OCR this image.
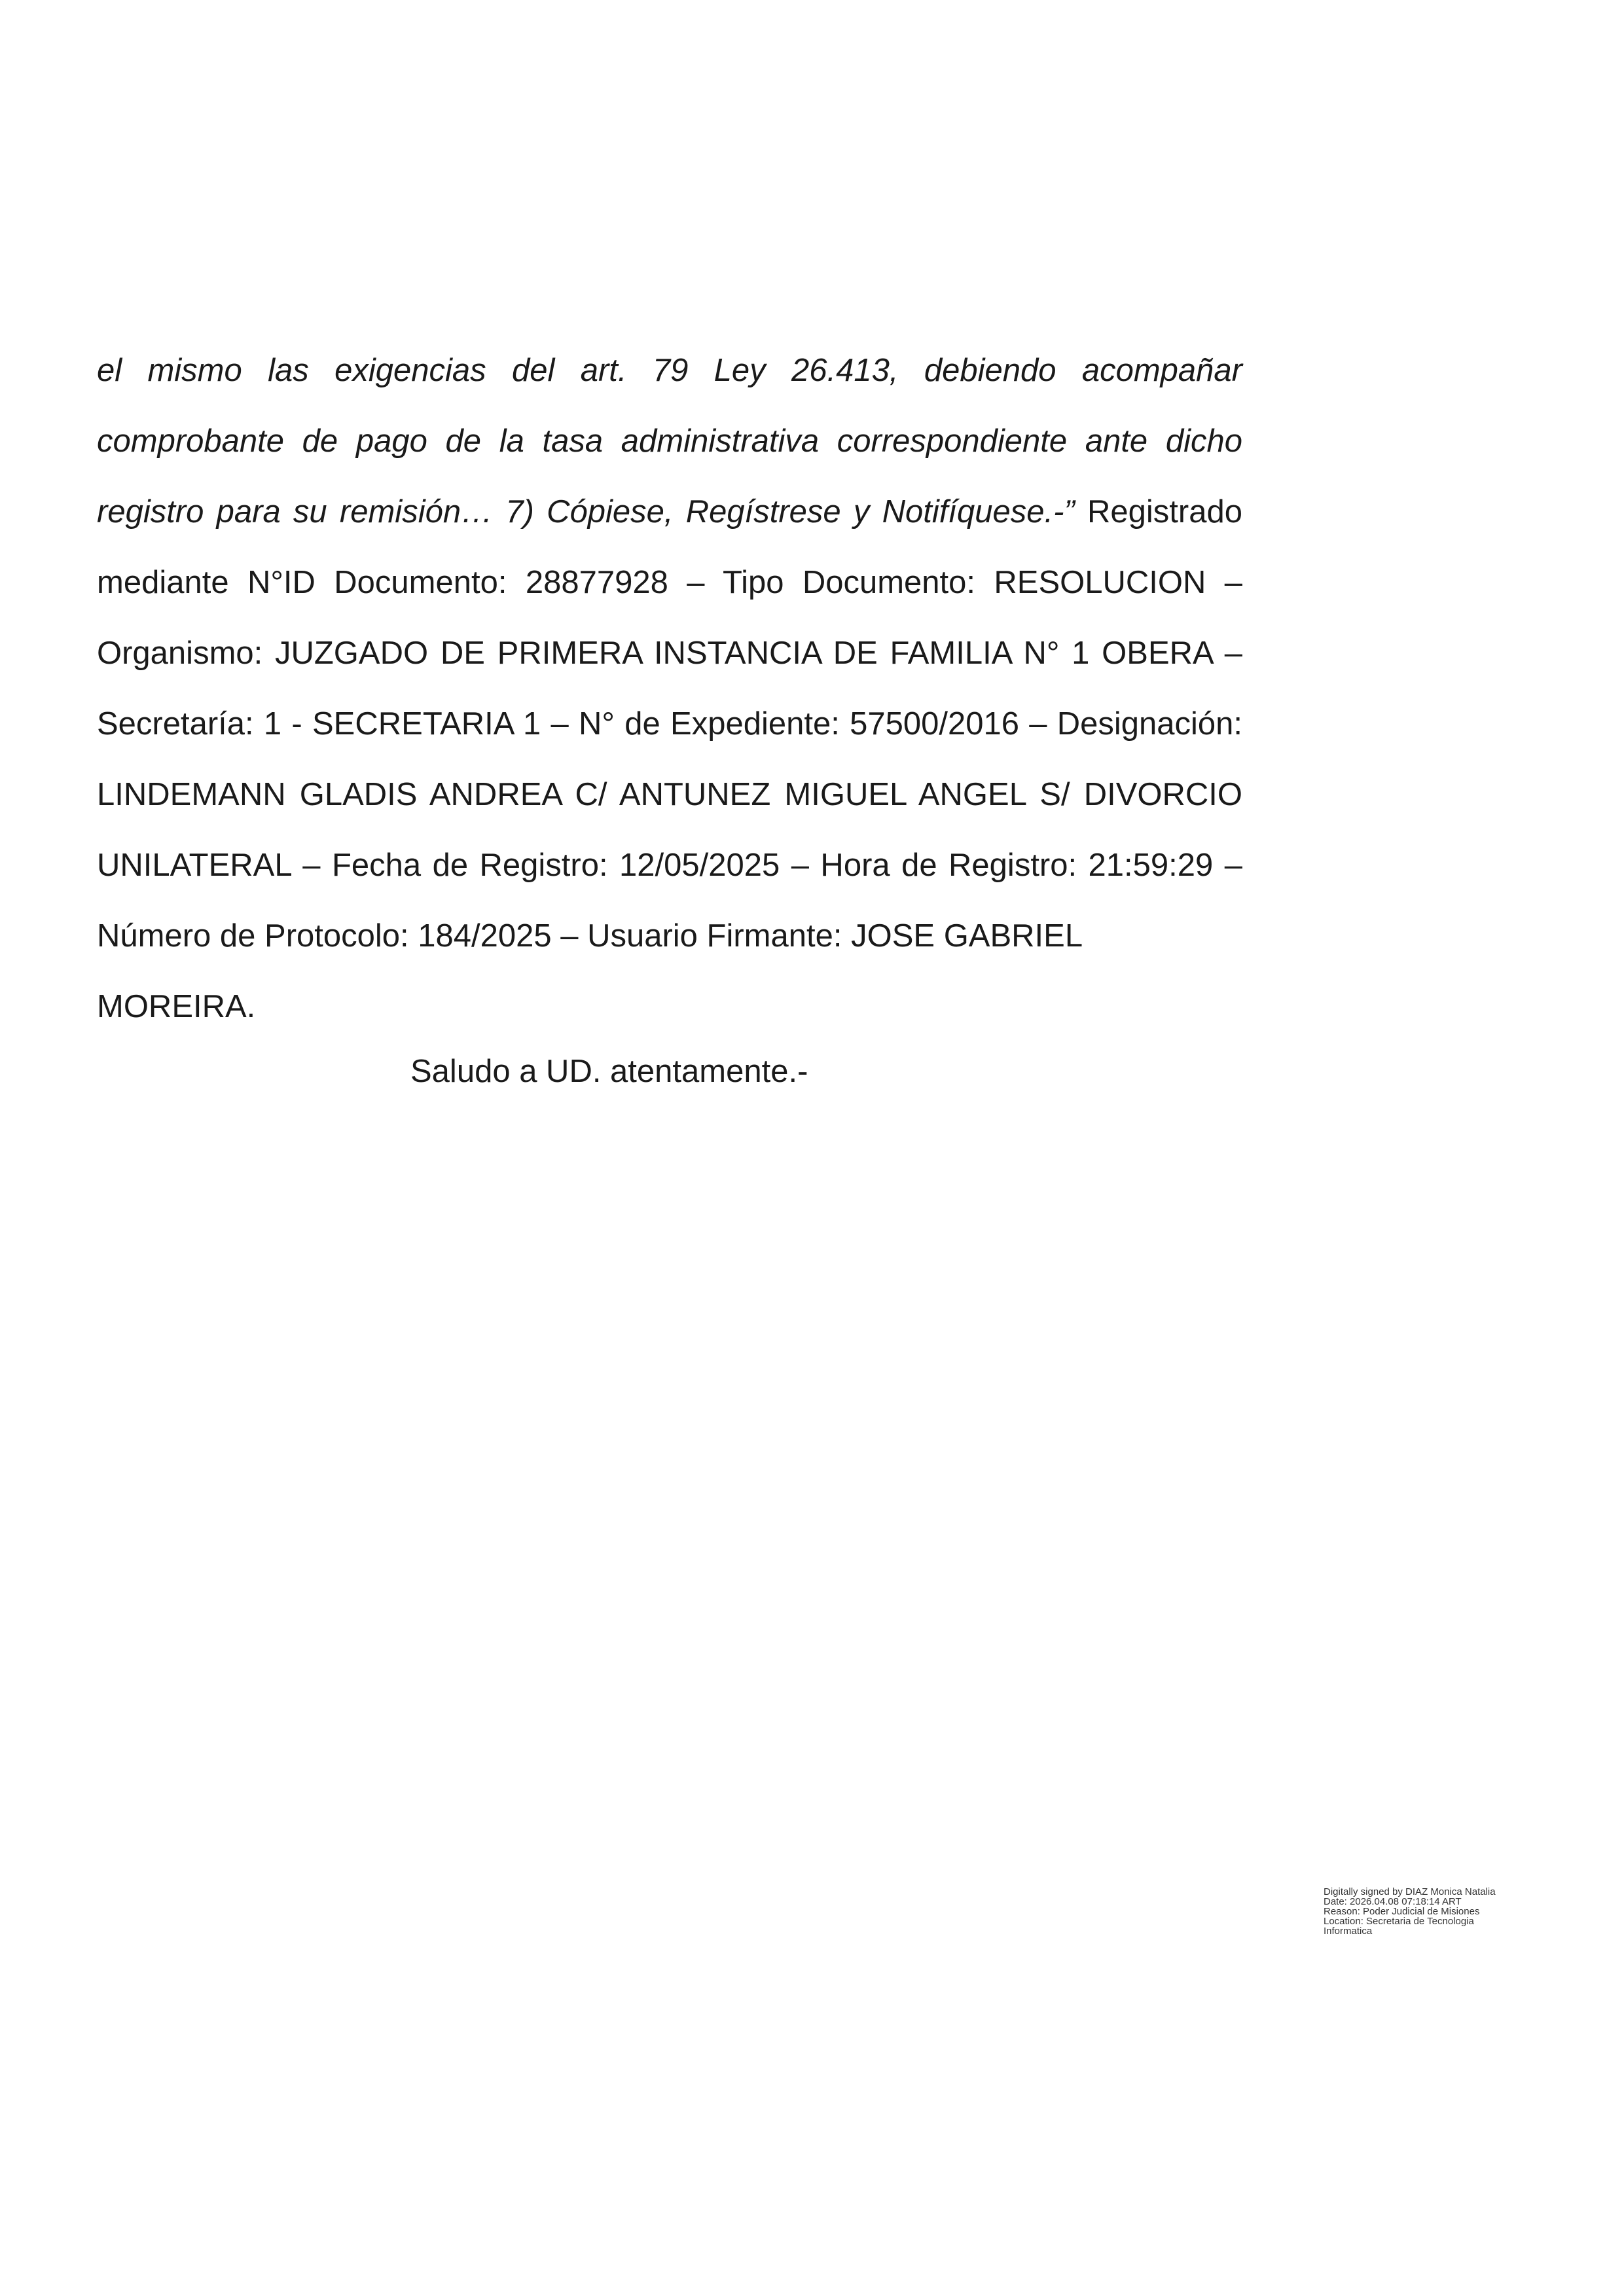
el mismo las exigencias del art. 79 Ley 26.413, debiendo acompañar comprobante de pago de la tasa administrativa correspondiente ante dicho registro para su remisión… 7) Cópiese, Regístrese y Notifíquese.-” Registrado mediante N°ID Documento: 28877928 – Tipo Documento: RESOLUCION – Organismo: JUZGADO DE PRIMERA INSTANCIA DE FAMILIA N° 1 OBERA – Secretaría: 1 - SECRETARIA 1 – N° de Expediente: 57500/2016 – Designación: LINDEMANN GLADIS ANDREA C/ ANTUNEZ MIGUEL ANGEL S/ DIVORCIO UNILATERAL – Fecha de Registro: 12/05/2025 – Hora de Registro: 21:59:29 – Número de Protocolo: 184/2025 – Usuario Firmante: JOSE GABRIEL
MOREIRA.

Saludo a UD. atentamente.-

Digitally signed by DIAZ Monica Natalia
Date: 2026.04.08 07:18:14 ART
Reason: Poder Judicial de Misiones
Location: Secretaria de Tecnologia
Informatica
